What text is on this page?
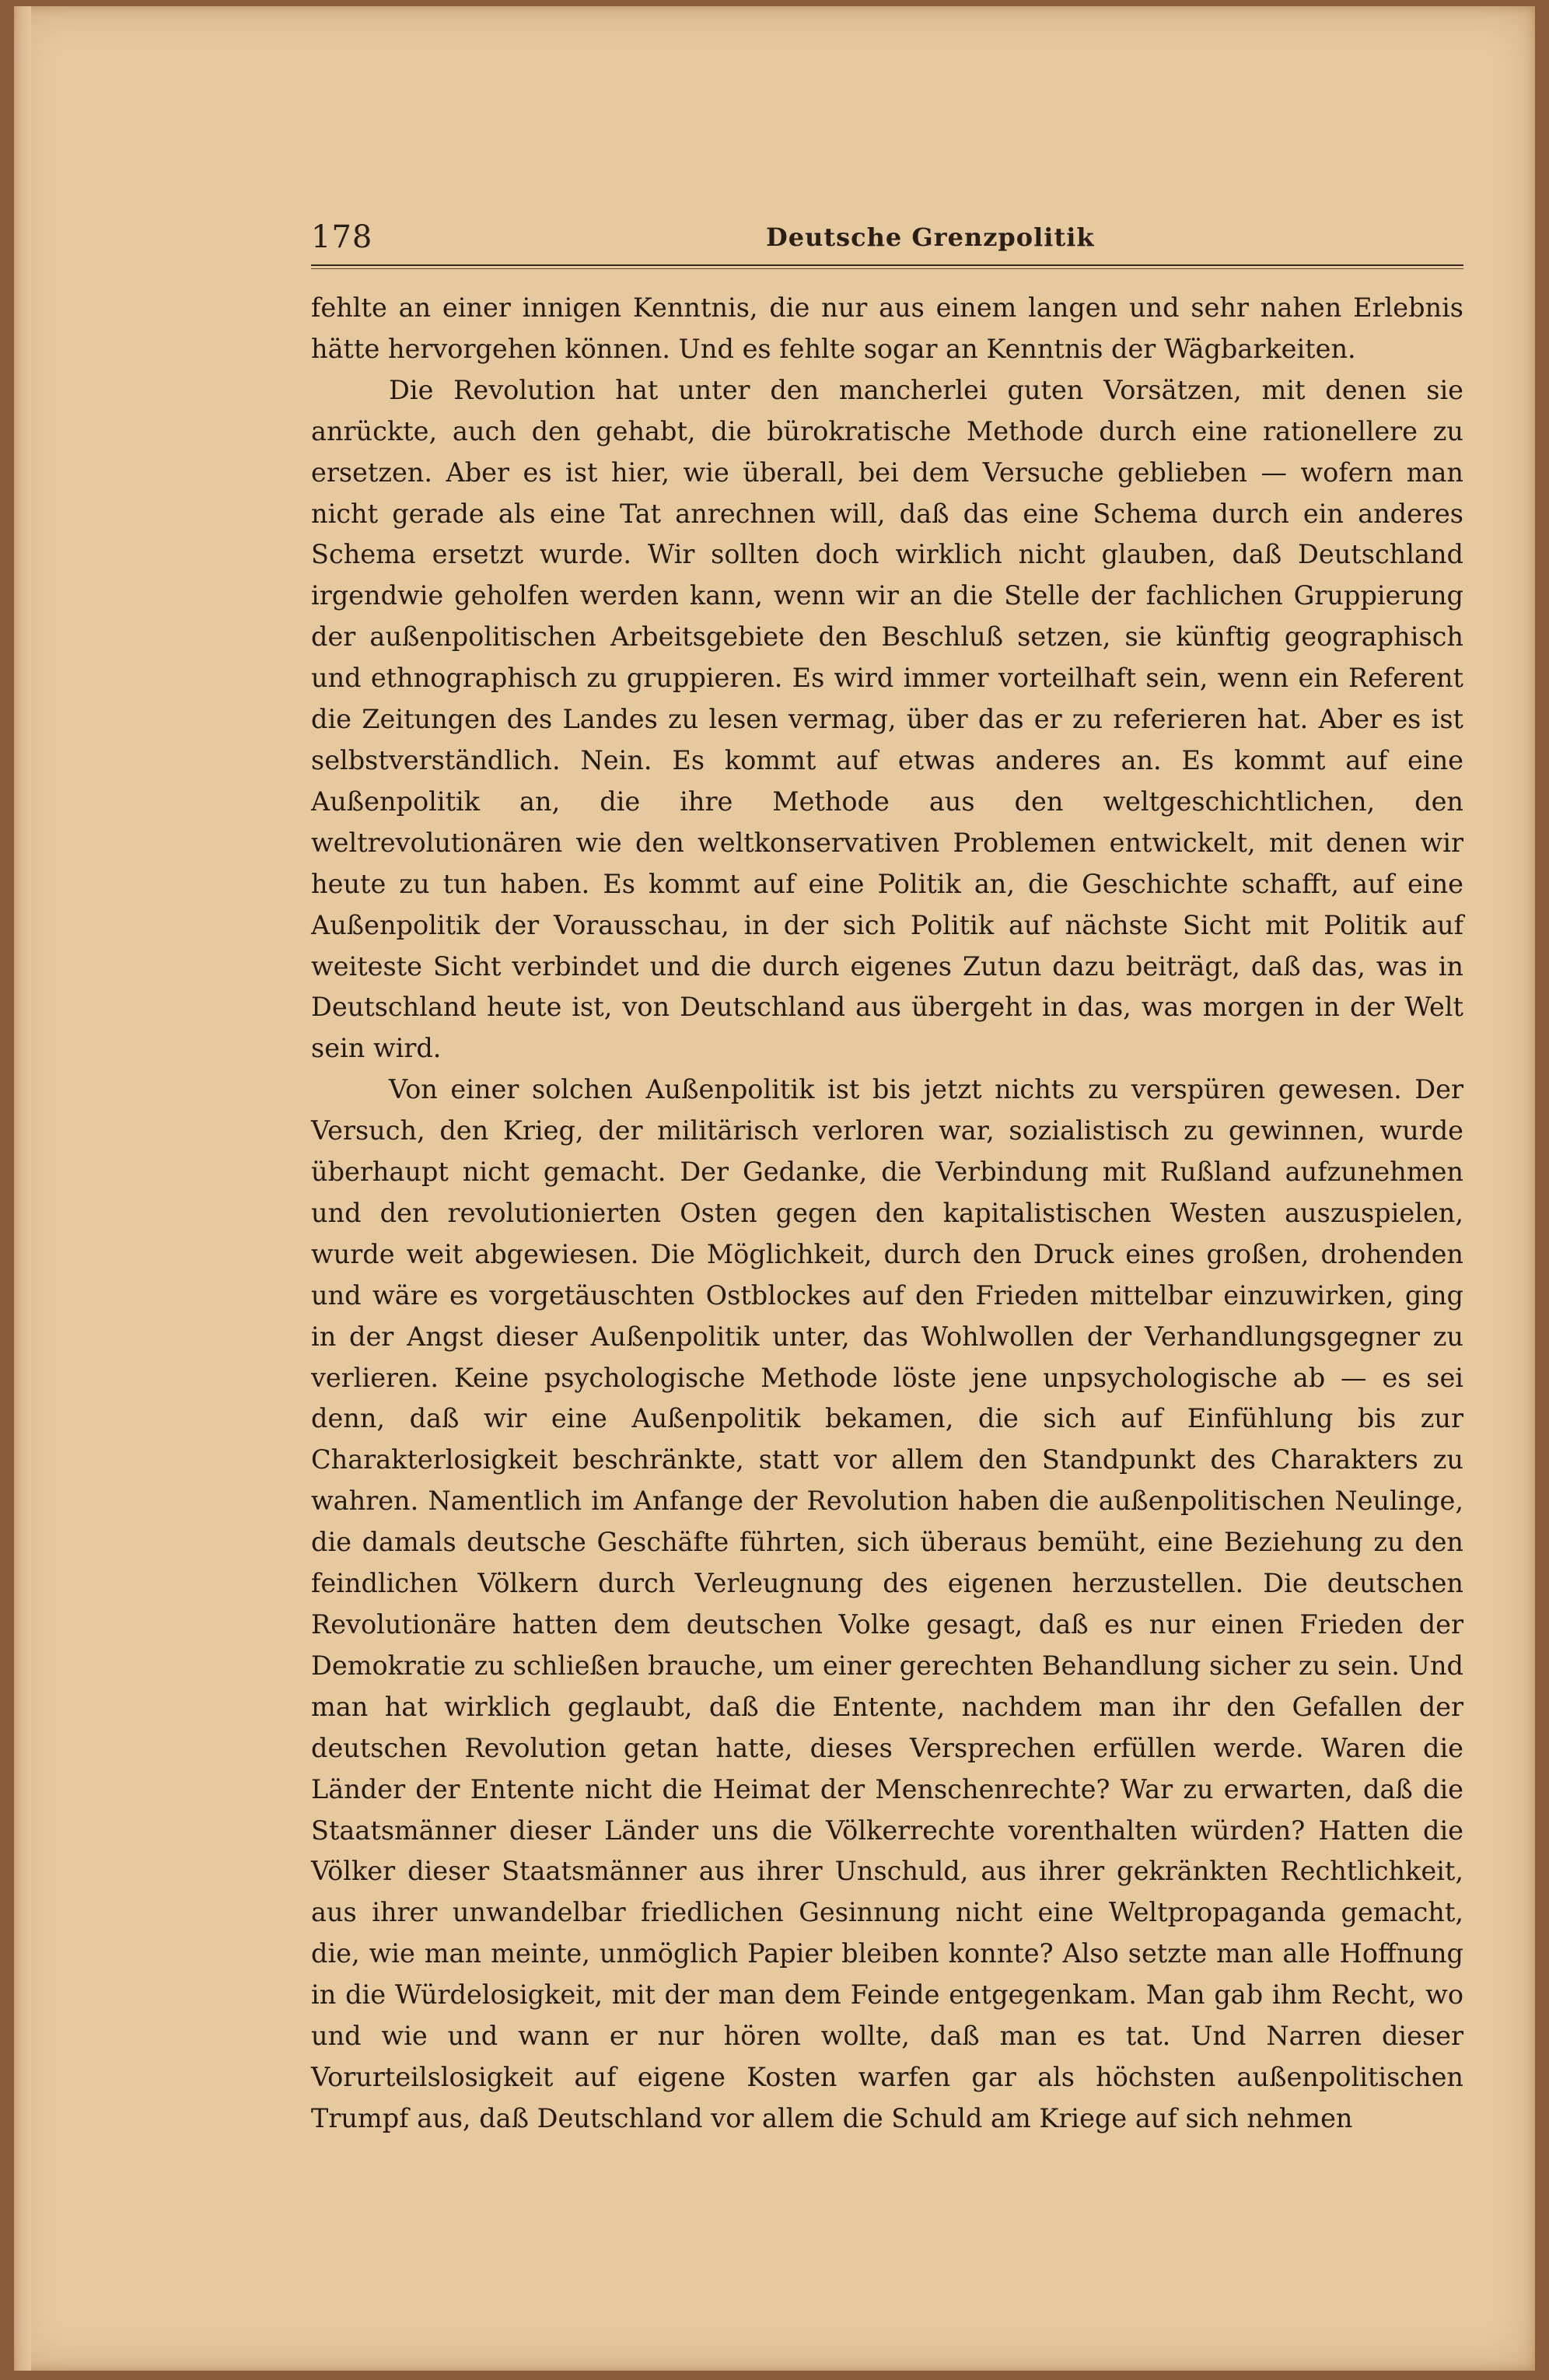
178	Deutsche Grenzpolitik

fehlte an einer innigen Kenntnis, die nur aus einem langen und sehr nahen Erlebnis hätte hervorgehen können. Und es fehlte sogar an Kenntnis der Wägbarkeiten.

Die Revolution hat unter den mancherlei guten Vorsätzen, mit denen sie anrückte, auch den gehabt, die bürokratische Methode durch eine rationellere zu ersetzen. Aber es ist hier, wie überall, bei dem Versuche geblieben — wofern man nicht gerade als eine Tat anrechnen will, daß das eine Schema durch ein anderes Schema ersetzt wurde. Wir sollten doch wirklich nicht glauben, daß Deutschland irgendwie geholfen werden kann, wenn wir an die Stelle der fachlichen Gruppierung der außenpolitischen Arbeitsgebiete den Beschluß setzen, sie künftig geographisch und ethnographisch zu gruppieren. Es wird immer vorteilhaft sein, wenn ein Referent die Zeitungen des Landes zu lesen vermag, über das er zu referieren hat. Aber es ist selbstverständlich. Nein. Es kommt auf etwas anderes an. Es kommt auf eine Außenpolitik an, die ihre Methode aus den weltgeschichtlichen, den weltrevolutionären wie den weltkonservativen Problemen entwickelt, mit denen wir heute zu tun haben. Es kommt auf eine Politik an, die Geschichte schafft, auf eine Außenpolitik der Vorausschau, in der sich Politik auf nächste Sicht mit Politik auf weiteste Sicht verbindet und die durch eigenes Zutun dazu beiträgt, daß das, was in Deutschland heute ist, von Deutschland aus übergeht in das, was morgen in der Welt sein wird.

Von einer solchen Außenpolitik ist bis jetzt nichts zu verspüren gewesen. Der Versuch, den Krieg, der militärisch verloren war, sozialistisch zu gewinnen, wurde überhaupt nicht gemacht. Der Gedanke, die Verbindung mit Rußland aufzunehmen und den revolutionierten Osten gegen den kapitalistischen Westen auszuspielen, wurde weit abgewiesen. Die Möglichkeit, durch den Druck eines großen, drohenden und wäre es vorgetäuschten Ostblockes auf den Frieden mittelbar einzuwirken, ging in der Angst dieser Außenpolitik unter, das Wohlwollen der Verhandlungsgegner zu verlieren. Keine psychologische Methode löste jene unpsychologische ab — es sei denn, daß wir eine Außenpolitik bekamen, die sich auf Einfühlung bis zur Charakterlosigkeit beschränkte, statt vor allem den Standpunkt des Charakters zu wahren. Namentlich im Anfange der Revolution haben die außenpolitischen Neulinge, die damals deutsche Geschäfte führten, sich überaus bemüht, eine Beziehung zu den feindlichen Völkern durch Verleugnung des eigenen herzustellen. Die deutschen Revolutionäre hatten dem deutschen Volke gesagt, daß es nur einen Frieden der Demokratie zu schließen brauche, um einer gerechten Behandlung sicher zu sein. Und man hat wirklich geglaubt, daß die Entente, nachdem man ihr den Gefallen der deutschen Revolution getan hatte, dieses Versprechen erfüllen werde. Waren die Länder der Entente nicht die Heimat der Menschenrechte? War zu erwarten, daß die Staatsmänner dieser Länder uns die Völkerrechte vorenthalten würden? Hatten die Völker dieser Staatsmänner aus ihrer Unschuld, aus ihrer gekränkten Rechtlichkeit, aus ihrer unwandelbar friedlichen Gesinnung nicht eine Weltpropaganda gemacht, die, wie man meinte, unmöglich Papier bleiben konnte? Also setzte man alle Hoffnung in die Würdelosigkeit, mit der man dem Feinde entgegenkam. Man gab ihm Recht, wo und wie und wann er nur hören wollte, daß man es tat. Und Narren dieser Vorurteilslosigkeit auf eigene Kosten warfen gar als höchsten außenpolitischen Trumpf aus, daß Deutschland vor allem die Schuld am Kriege auf sich nehmen
